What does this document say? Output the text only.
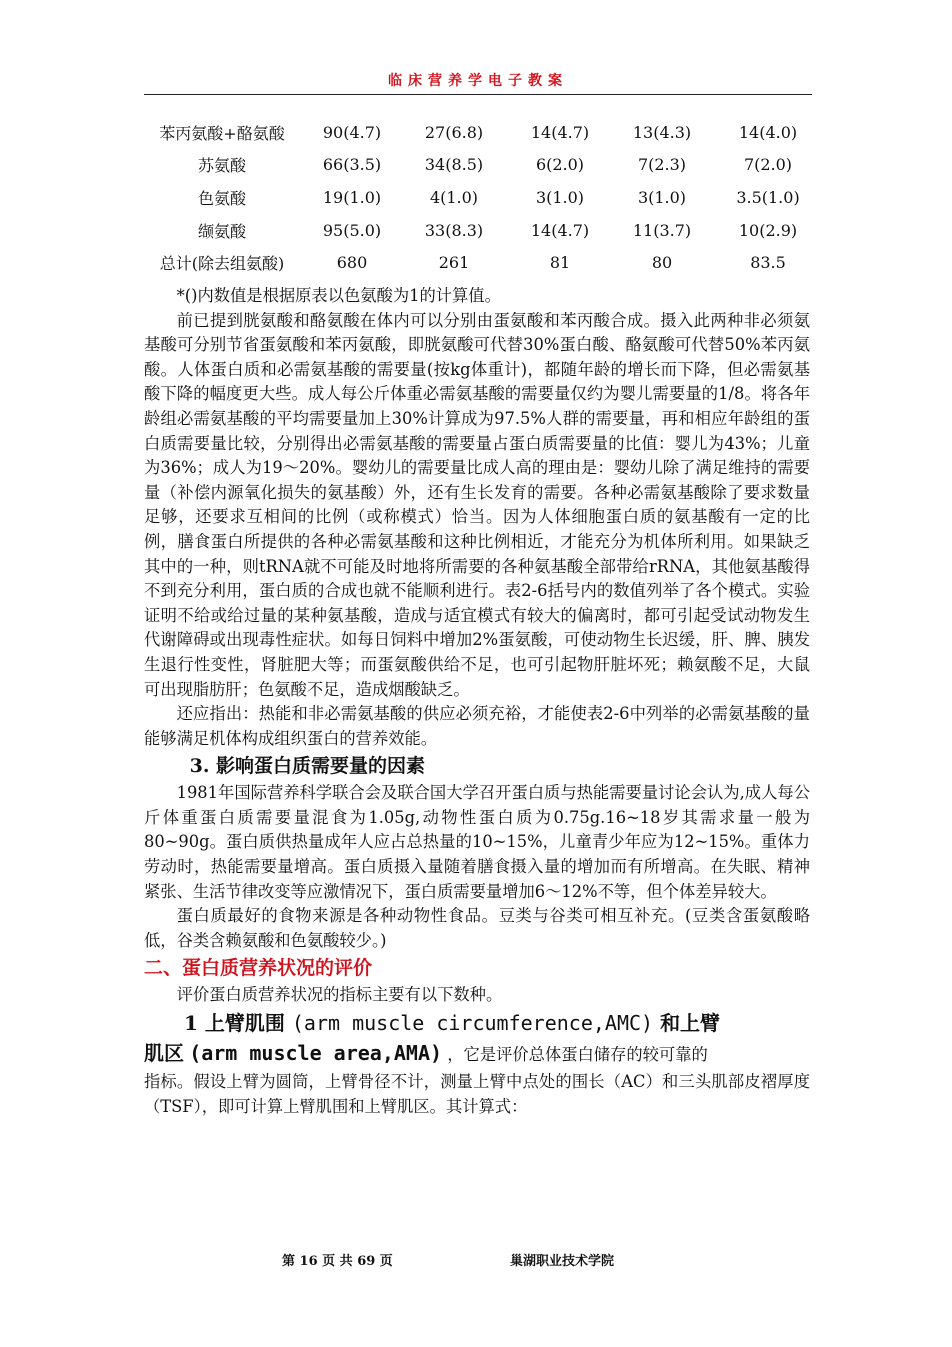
临床营养学电子教案
苯丙氨酸+酪氨酸	90(4.7)	27(6.8)	14(4.7)	13(4.3)	14(4.0)
苏氨酸	66(3.5)	34(8.5)	6(2.0)	7(2.3)	7(2.0)
色氨酸	19(1.0)	4(1.0)	3(1.0)	3(1.0)	3.5(1.0)
缬氨酸	95(5.0)	33(8.3)	14(4.7)	11(3.7)	10(2.9)
总计(除去组氨酸)	680	261	81	80	83.5

*()内数值是根据原表以色氨酸为1的计算值。

前已提到胱氨酸和酪氨酸在体内可以分别由蛋氨酸和苯丙酸合成。摄入此两种非必须氨基酸可分别节省蛋氨酸和苯丙氨酸，即胱氨酸可代替30%蛋白酸、酪氨酸可代替50%苯丙氨酸。人体蛋白质和必需氨基酸的需要量(按kg体重计)，都随年龄的增长而下降，但必需氨基酸下降的幅度更大些。成人每公斤体重必需氨基酸的需要量仅约为婴儿需要量的1/8。将各年龄组必需氨基酸的平均需要量加上30%计算成为97.5%人群的需要量，再和相应年龄组的蛋白质需要量比较，分别得出必需氨基酸的需要量占蛋白质需要量的比值：婴儿为43%；儿童为36%；成人为19～20%。婴幼儿的需要量比成人高的理由是：婴幼儿除了满足维持的需要量（补偿内源氧化损失的氨基酸）外，还有生长发育的需要。各种必需氨基酸除了要求数量足够，还要求互相间的比例（或称模式）恰当。因为人体细胞蛋白质的氨基酸有一定的比例，膳食蛋白所提供的各种必需氨基酸和这种比例相近，才能充分为机体所利用。如果缺乏其中的一种，则tRNA就不可能及时地将所需要的各种氨基酸全部带给rRNA，其他氨基酸得不到充分利用，蛋白质的合成也就不能顺利进行。表2-6括号内的数值列举了各个模式。实验证明不给或给过量的某种氨基酸，造成与适宜模式有较大的偏离时，都可引起受试动物发生代谢障碍或出现毒性症状。如每日饲料中增加2%蛋氨酸，可使动物生长迟缓，肝、脾、胰发生退行性变性，肾脏肥大等；而蛋氨酸供给不足，也可引起物肝脏坏死；赖氨酸不足，大鼠可出现脂肪肝；色氨酸不足，造成烟酸缺乏。

还应指出：热能和非必需氨基酸的供应必须充裕，才能使表2-6中列举的必需氨基酸的量能够满足机体构成组织蛋白的营养效能。

3. 影响蛋白质需要量的因素

1981年国际营养科学联合会及联合国大学召开蛋白质与热能需要量讨论会认为,成人每公斤体重蛋白质需要量混食为1.05g,动物性蛋白质为0.75g.16~18岁其需求量一般为80~90g。蛋白质供热量成年人应占总热量的10~15%，儿童青少年应为12~15%。重体力劳动时，热能需要量增高。蛋白质摄入量随着膳食摄入量的增加而有所增高。在失眠、精神紧张、生活节律改变等应激情况下，蛋白质需要量增加6～12%不等，但个体差异较大。

蛋白质最好的食物来源是各种动物性食品。豆类与谷类可相互补充。(豆类含蛋氨酸略低，谷类含赖氨酸和色氨酸较少。)

二、蛋白质营养状况的评价

评价蛋白质营养状况的指标主要有以下数种。

1 上臂肌围 (arm muscle circumference,AMC) 和上臂

肌区 (arm muscle area,AMA) ，它是评价总体蛋白储存的较可靠的

指标。假设上臂为圆筒，上臂骨径不计，测量上臂中点处的围长（AC）和三头肌部皮褶厚度（TSF），即可计算上臂肌围和上臂肌区。其计算式：

第 16 页 共 69 页	巢湖职业技术学院
